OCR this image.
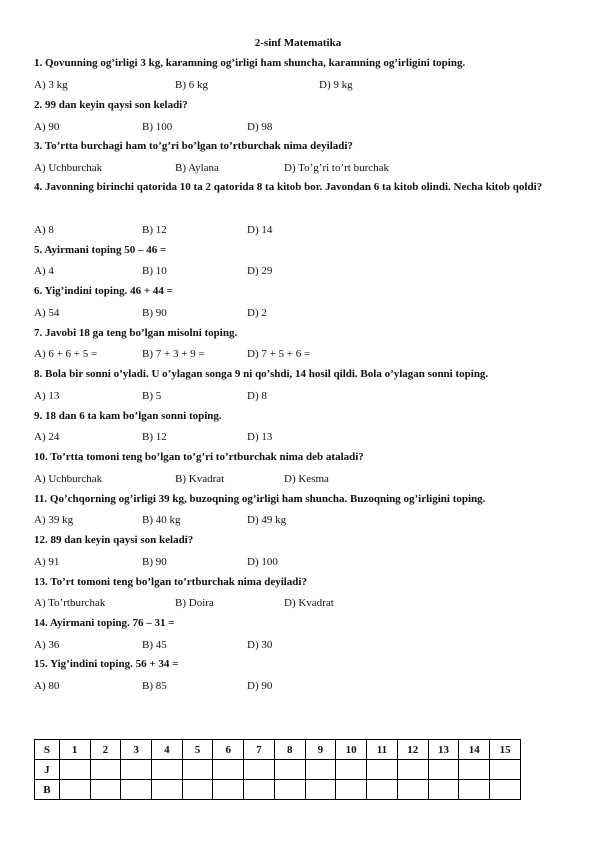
2-sinf Matematika
1. Qovunning og’irligi 3 kg, karamning og’irligi ham shuncha, karamning og’irligini toping.
A) 3 kg	B) 6 kg	D) 9 kg
2. 99 dan keyin qaysi son keladi?
A) 90	B) 100	D) 98
3. To’rtta burchagi ham to’g’ri bo’lgan to’rtburchak nima deyiladi?
A) Uchburchak	B) Aylana	D) To’g’ri to’rt burchak
4. Javonning birinchi qatorida 10 ta 2 qatorida 8 ta kitob bor. Javondan 6 ta kitob olindi. Necha kitob qoldi?
A) 8	B) 12	D) 14
5. Ayirmani toping 50 – 46 =
A) 4	B) 10	D) 29
6. Yig’indini toping. 46 + 44 =
A) 54	B) 90	D) 2
7. Javobi 18 ga teng bo’lgan misolni toping.
A) 6 + 6 + 5 =	B) 7 + 3 + 9 =	D) 7 + 5 + 6 =
8. Bola bir sonni o’yladi. U o’ylagan songa 9 ni qo’shdi, 14 hosil qildi. Bola o’ylagan sonni toping.
A) 13	B) 5	D) 8
9. 18 dan 6 ta kam bo’lgan sonni toping.
A) 24	B) 12	D) 13
10. To’rtta tomoni teng bo’lgan to’g’ri to’rtburchak nima deb ataladi?
A) Uchburchak	B) Kvadrat	D) Kesma
11. Qo’chqorning og’irligi 39 kg, buzoqning og’irligi ham shuncha. Buzoqning og’irligini toping.
A) 39 kg	B) 40 kg	D) 49 kg
12. 89 dan keyin qaysi son keladi?
A) 91	B) 90	D) 100
13. To’rt tomoni teng bo’lgan to’rtburchak nima deyiladi?
A) To’rtburchak	B) Doira	D) Kvadrat
14. Ayirmani toping. 76 – 31 =
A) 36	B) 45	D) 30
15. Yig’indini toping. 56 + 34 =
A) 80	B) 85	D) 90
S	1	2	3	4	5	6	7	8	9	10	11	12	13	14	15
J															
B															
